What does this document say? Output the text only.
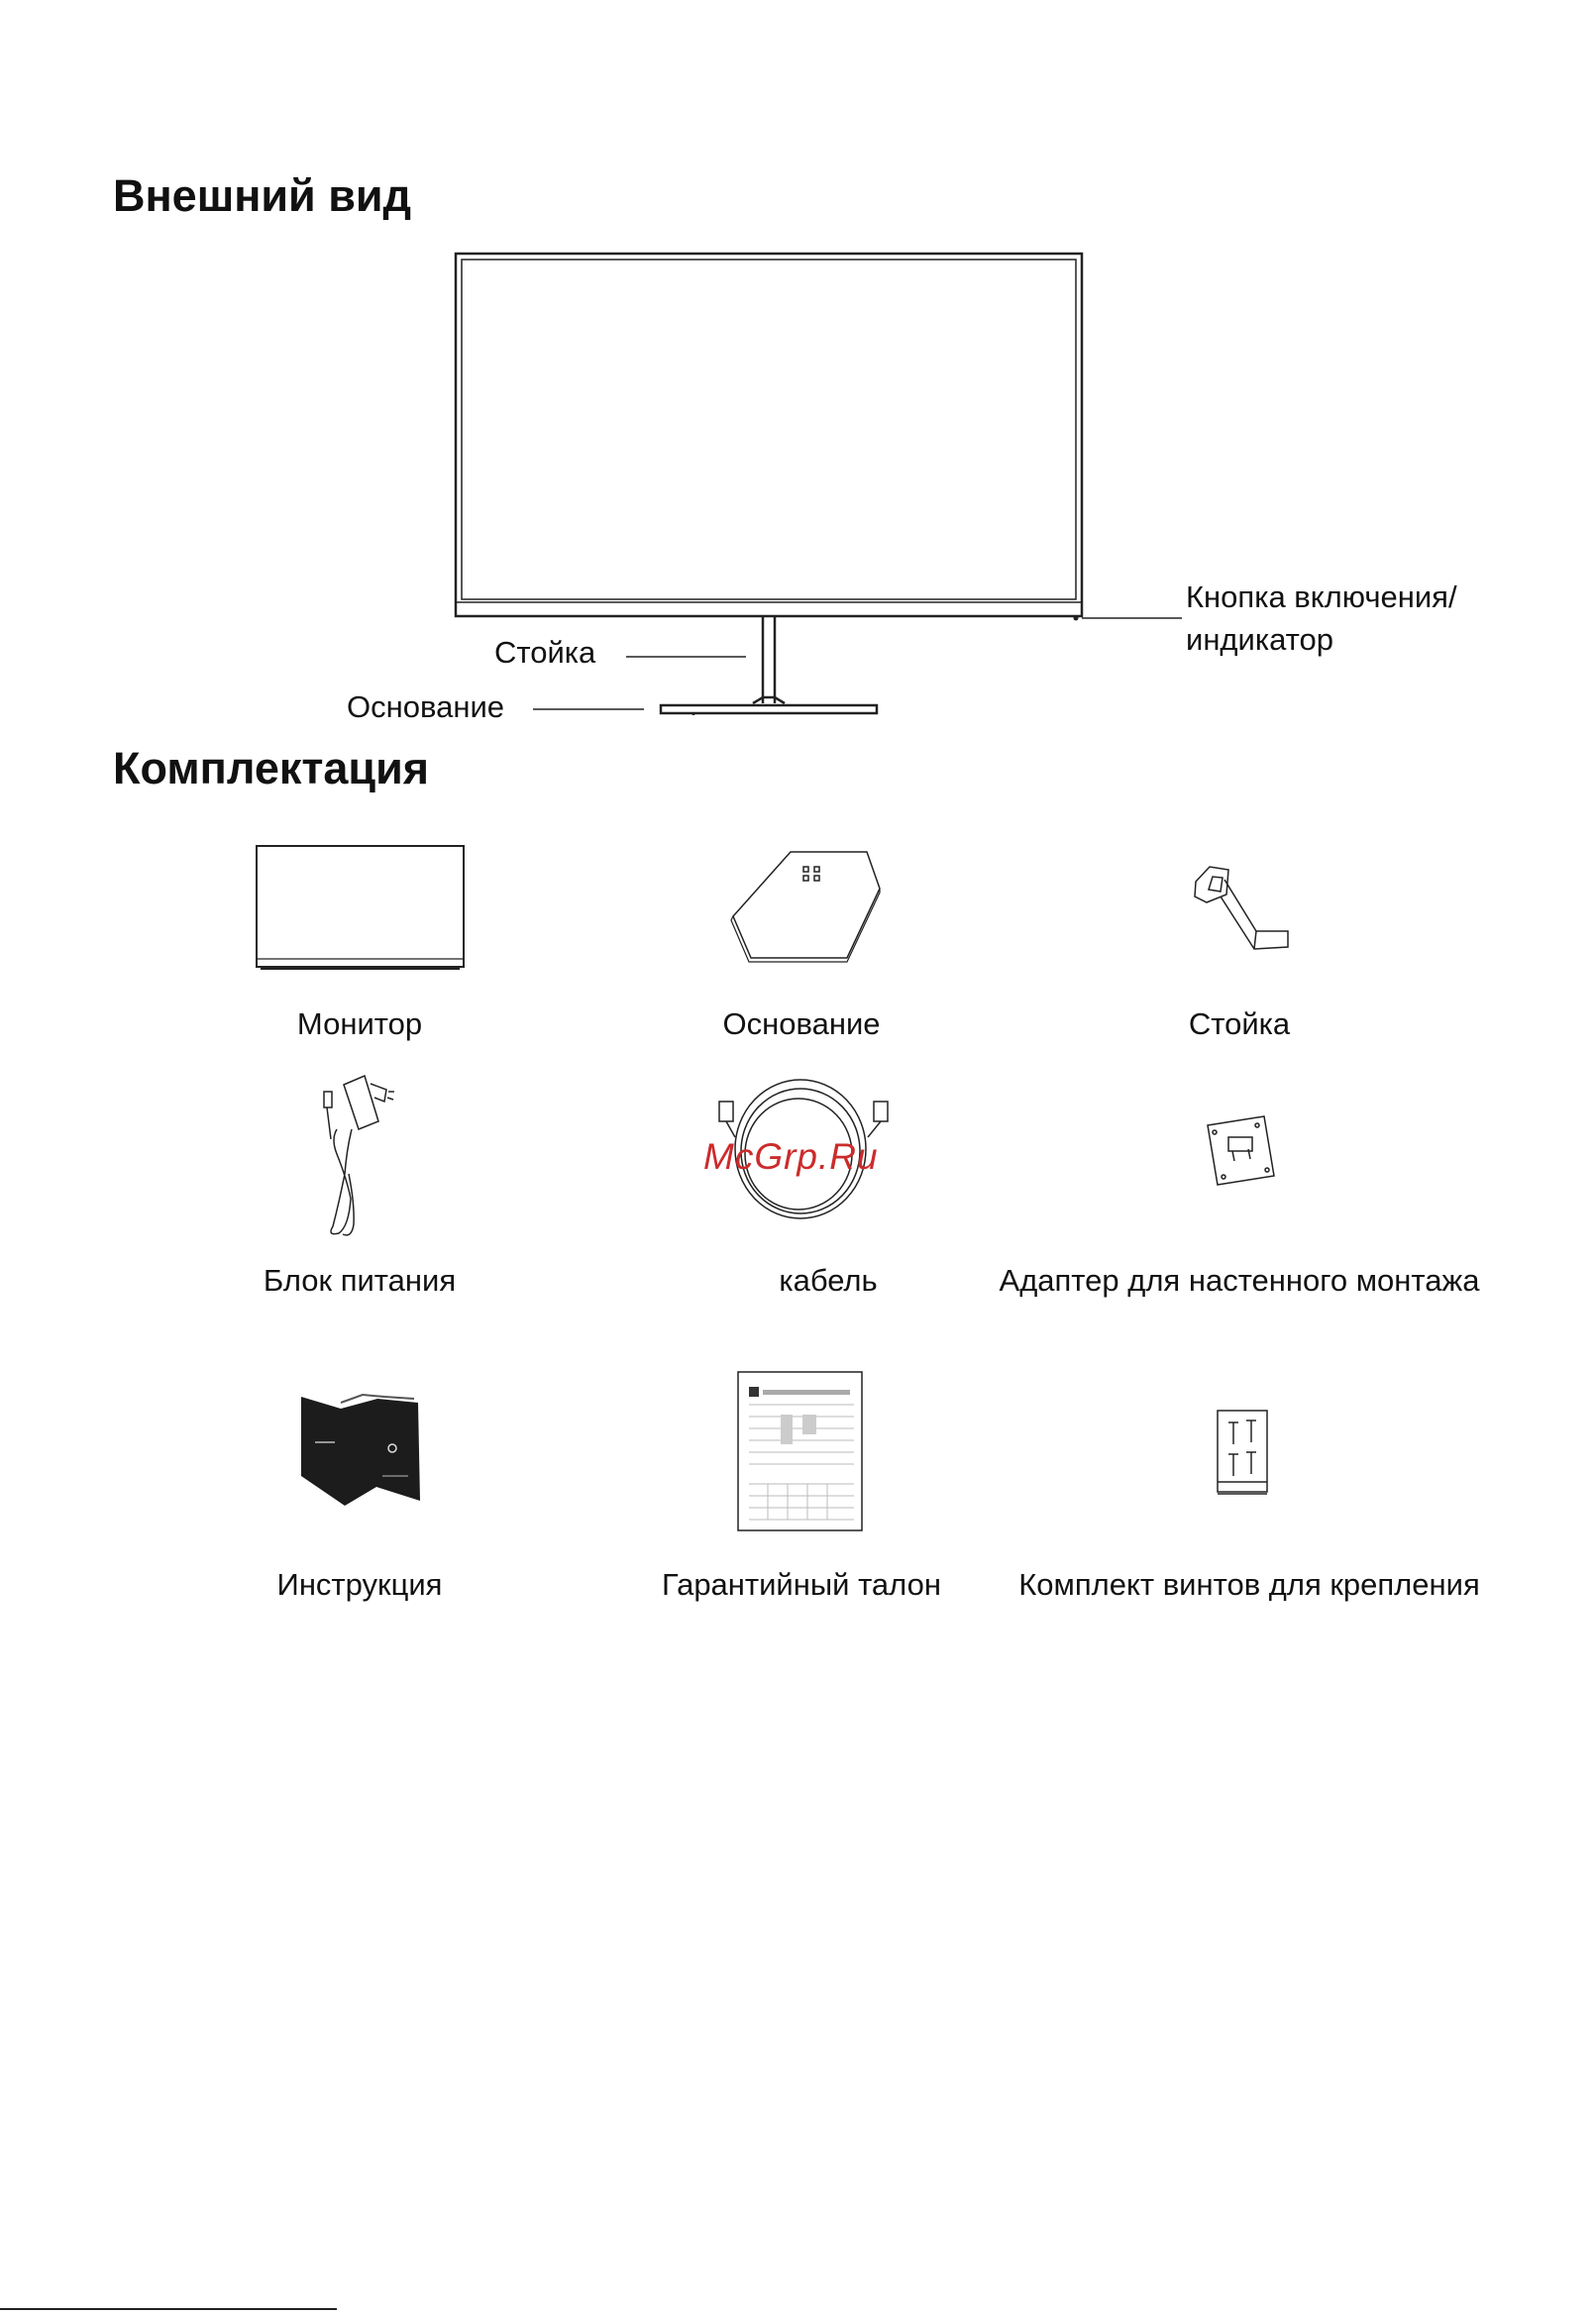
Внешний вид
Комплектация
Кнопка включения/
индикатор
Стойка
Основание
Монитор	Основание	Стойка
Блок питания	кабель	Адаптер для настенного монтажа
Инструкция	Гарантийный талон	Комплект винтов для крепления
McGrp.Ru
